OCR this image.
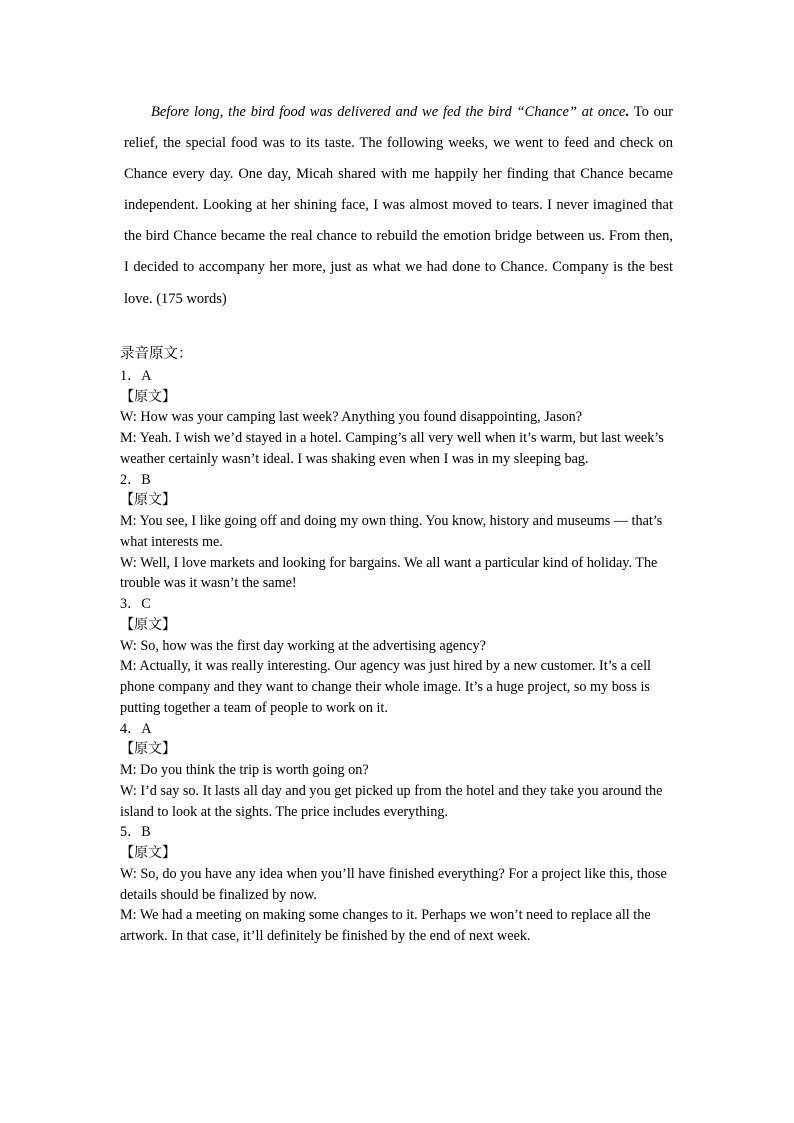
Before long, the bird food was delivered and we fed the bird “Chance” at once. To our relief, the special food was to its taste. The following weeks, we went to feed and check on Chance every day. One day, Micah shared with me happily her finding that Chance became independent. Looking at her shining face, I was almost moved to tears. I never imagined that the bird Chance became the real chance to rebuild the emotion bridge between us. From then, I decided to accompany her more, just as what we had done to Chance. Company is the best love. (175 words)

录音原文：

1．A

【原文】

W: How was your camping last week? Anything you found disappointing, Jason?

M: Yeah. I wish we’d stayed in a hotel. Camping’s all very well when it’s warm, but last week’s weather certainly wasn’t ideal. I was shaking even when I was in my sleeping bag.

2．B

【原文】

M: You see, I like going off and doing my own thing. You know, history and museums — that’s what interests me.

W: Well, I love markets and looking for bargains. We all want a particular kind of holiday. The trouble was it wasn’t the same!

3．C

【原文】

W: So, how was the first day working at the advertising agency?

M: Actually, it was really interesting. Our agency was just hired by a new customer. It’s a cell phone company and they want to change their whole image. It’s a huge project, so my boss is putting together a team of people to work on it.

4．A

【原文】

M: Do you think the trip is worth going on?

W: I’d say so. It lasts all day and you get picked up from the hotel and they take you around the island to look at the sights. The price includes everything.

5．B

【原文】

W: So, do you have any idea when you’ll have finished everything? For a project like this, those details should be finalized by now.

M: We had a meeting on making some changes to it. Perhaps we won’t need to replace all the artwork. In that case, it’ll definitely be finished by the end of next week.
